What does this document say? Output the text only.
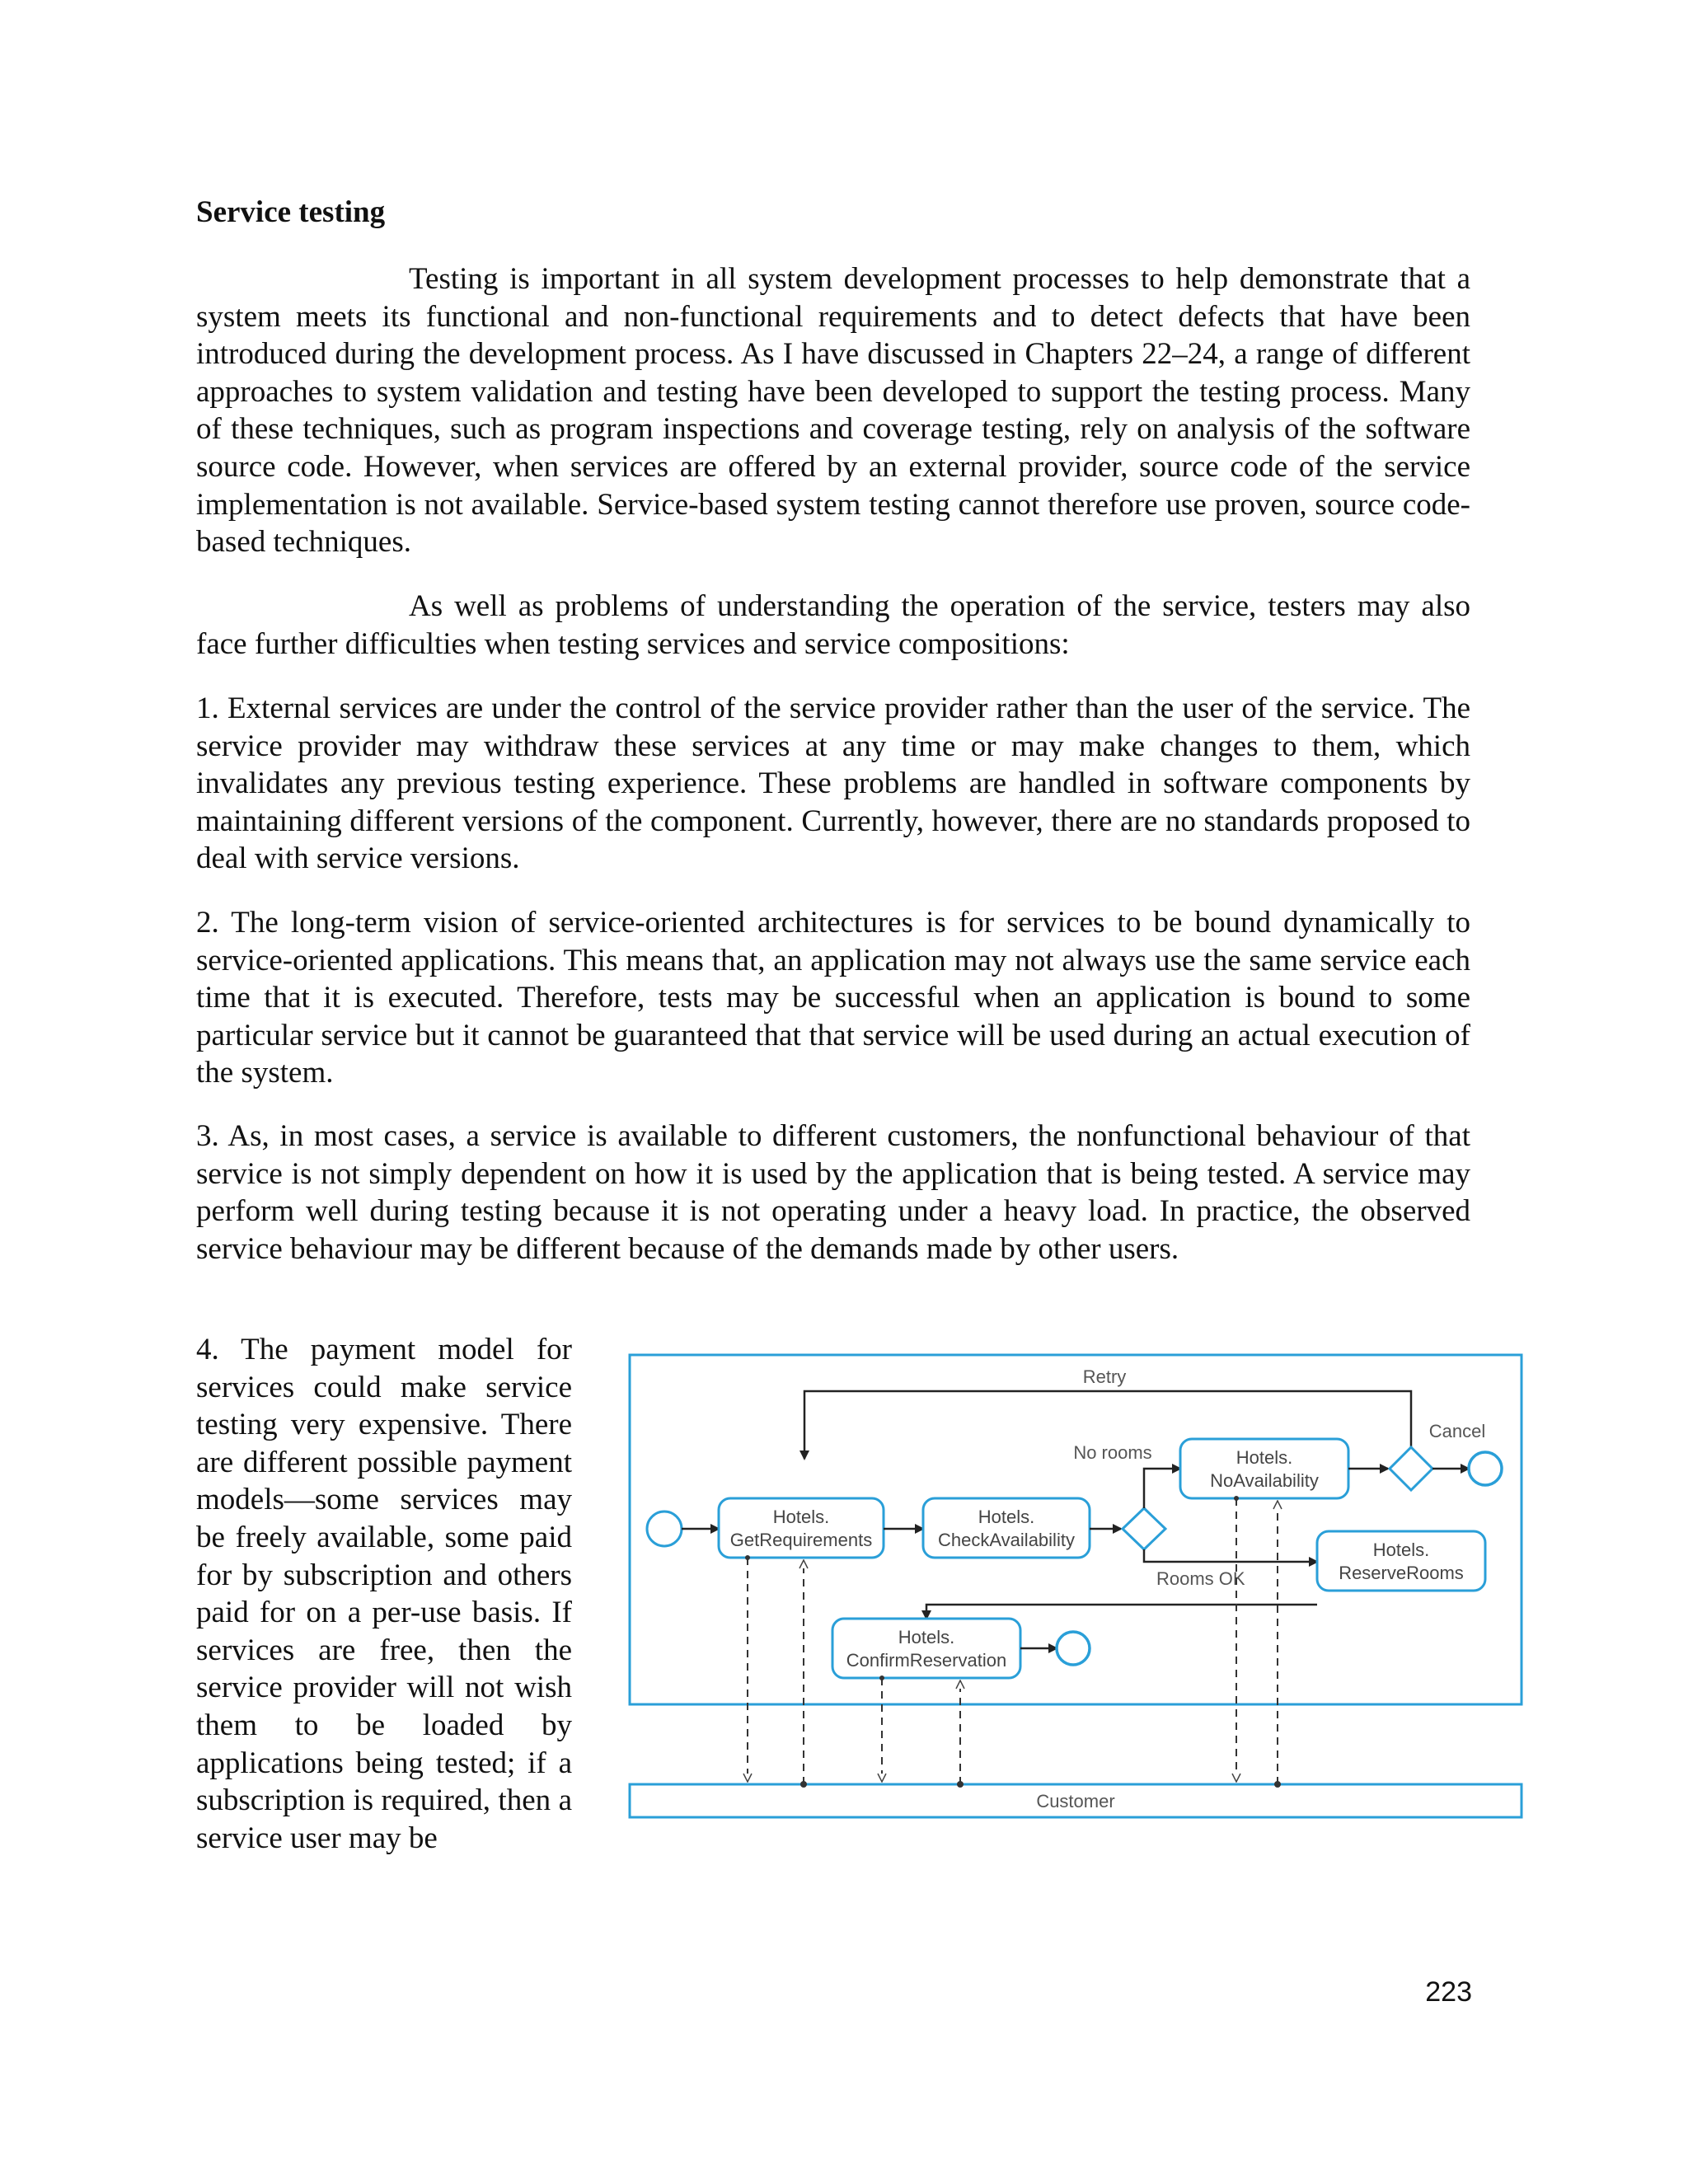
Service testing

Testing is important in all system development processes to help demonstrate that a system meets its functional and non-functional requirements and to detect defects that have been introduced during the development process. As I have discussed in Chapters 22–24, a range of different approaches to system validation and testing have been developed to support the testing process. Many of these techniques, such as program inspections and coverage testing, rely on analysis of the software source code. However, when services are offered by an external provider, source code of the service implementation is not available. Service-based system testing cannot therefore use proven, source code-based techniques.

As well as problems of understanding the operation of the service, testers may also face further difficulties when testing services and service compositions:

1. External services are under the control of the service provider rather than the user of the service. The service provider may withdraw these services at any time or may make changes to them, which invalidates any previous testing experience. These problems are handled in software components by maintaining different versions of the component. Currently, however, there are no standards proposed to deal with service versions.

2. The long-term vision of service-oriented architectures is for services to be bound dynamically to service-oriented applications. This means that, an application may not always use the same service each time that it is executed. Therefore, tests may be successful when an application is bound to some particular service but it cannot be guaranteed that that service will be used during an actual execution of the system.

3. As, in most cases, a service is available to different customers, the nonfunctional behaviour of that service is not simply dependent on how it is used by the application that is being tested. A service may perform well during testing because it is not operating under a heavy load. In practice, the observed service behaviour may be different because of the demands made by other users.

4. The payment model for services could make service testing very expensive. There are different possible payment models—some services may be freely available, some paid for by subscription and others paid for on a per-use basis. If services are free, then the service provider will not wish them to be loaded by applications being tested; if a subscription is required, then a service user may be

Customer
Retry
Hotels.
GetRequirements
Hotels.
CheckAvailability
No rooms	Hotels.
NoAvailability
Cancel
Rooms OK
Hotels.
ReserveRooms
Hotels.
ConfirmReservation
223
